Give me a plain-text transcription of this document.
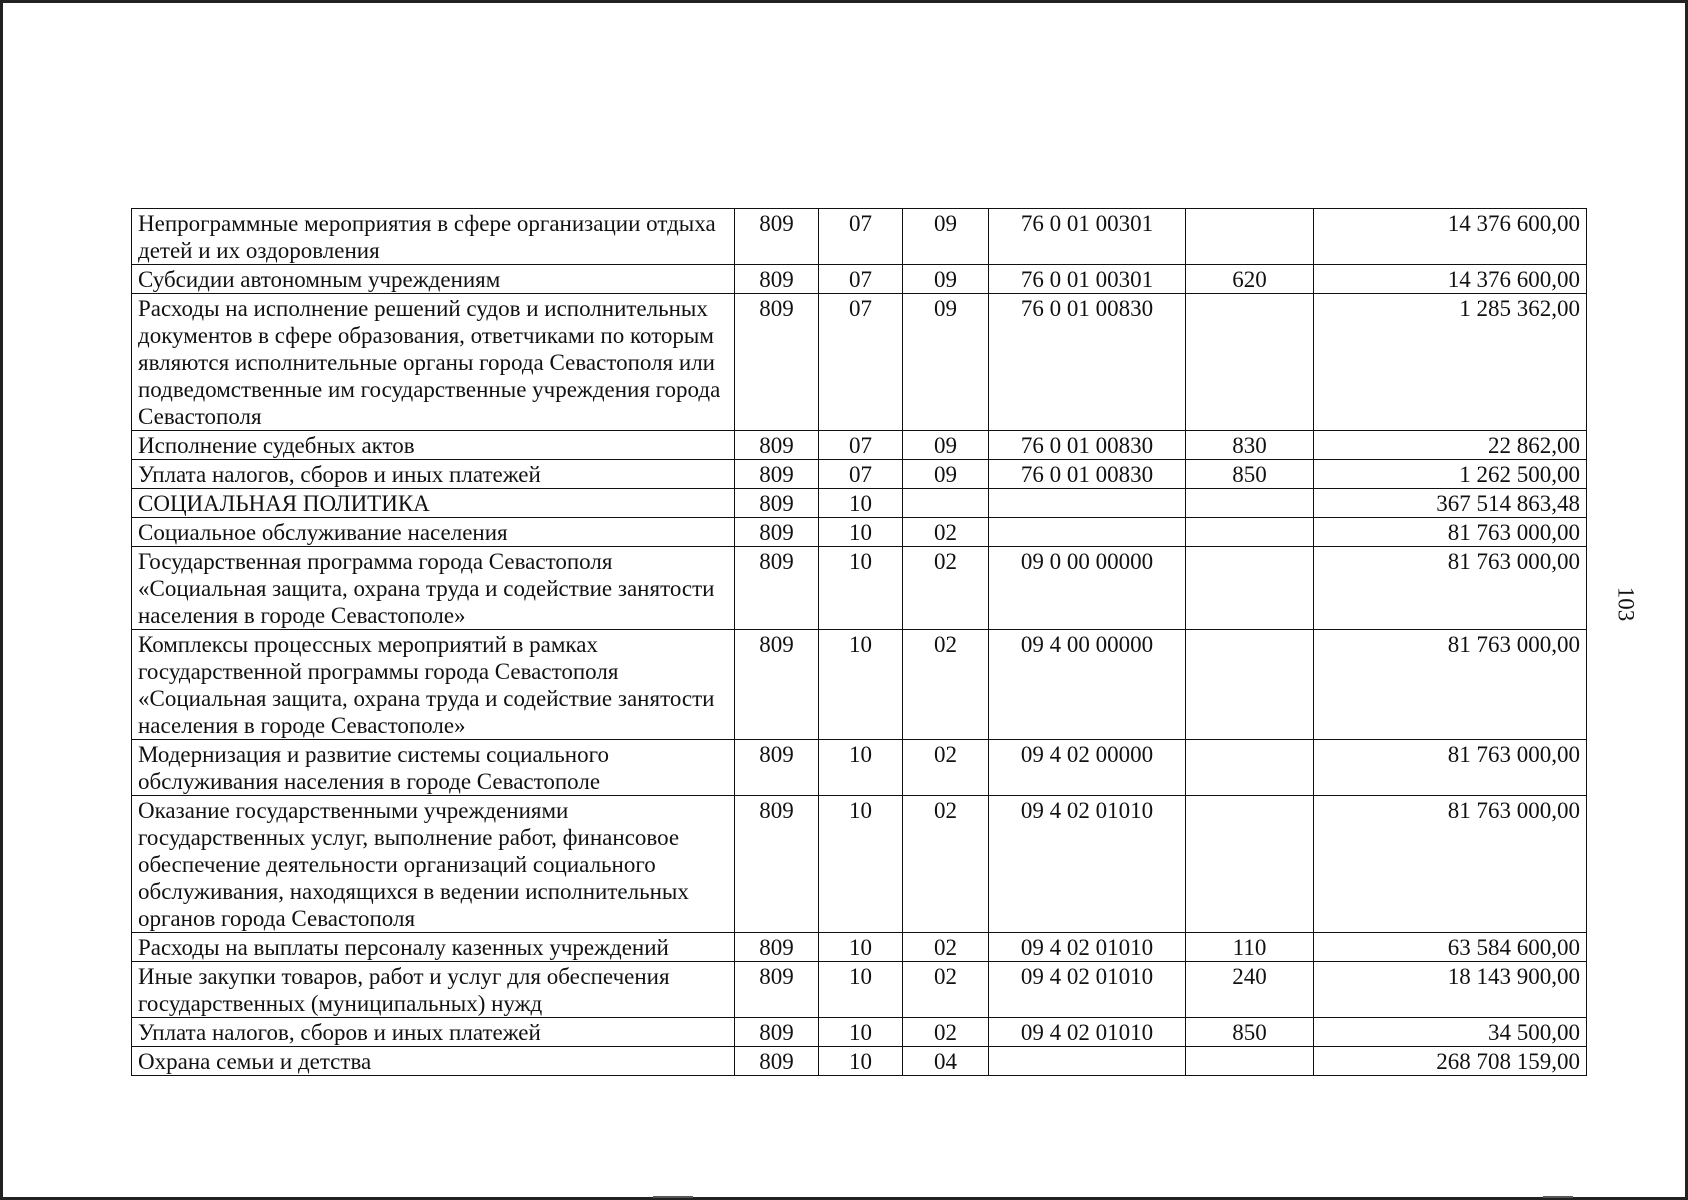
Непрограммные мероприятия в сфере организации отдыха детей и их оздоровления	809	07	09	76 0 01 00301		14 376 600,00
Субсидии автономным учреждениям	809	07	09	76 0 01 00301	620	14 376 600,00
Расходы на исполнение решений судов и исполнительных документов в сфере образования, ответчиками по которым являются исполнительные органы города Севастополя или подведомственные им государственные учреждения города Севастополя	809	07	09	76 0 01 00830		1 285 362,00
Исполнение судебных актов	809	07	09	76 0 01 00830	830	22 862,00
Уплата налогов, сборов и иных платежей	809	07	09	76 0 01 00830	850	1 262 500,00
СОЦИАЛЬНАЯ ПОЛИТИКА	809	10				367 514 863,48
Социальное обслуживание населения	809	10	02			81 763 000,00
Государственная программа города Севастополя «Социальная защита, охрана труда и содействие занятости населения в городе Севастополе»	809	10	02	09 0 00 00000		81 763 000,00
Комплексы процессных мероприятий в рамках государственной программы города Севастополя «Социальная защита, охрана труда и содействие занятости населения в городе Севастополе»	809	10	02	09 4 00 00000		81 763 000,00
Модернизация и развитие системы социального обслуживания населения в городе Севастополе	809	10	02	09 4 02 00000		81 763 000,00
Оказание государственными учреждениями государственных услуг, выполнение работ, финансовое обеспечение деятельности организаций социального обслуживания, находящихся в ведении исполнительных органов города Севастополя	809	10	02	09 4 02 01010		81 763 000,00
Расходы на выплаты персоналу казенных учреждений	809	10	02	09 4 02 01010	110	63 584 600,00
Иные закупки товаров, работ и услуг для обеспечения государственных (муниципальных) нужд	809	10	02	09 4 02 01010	240	18 143 900,00
Уплата налогов, сборов и иных платежей	809	10	02	09 4 02 01010	850	34 500,00
Охрана семьи и детства	809	10	04			268 708 159,00
103
